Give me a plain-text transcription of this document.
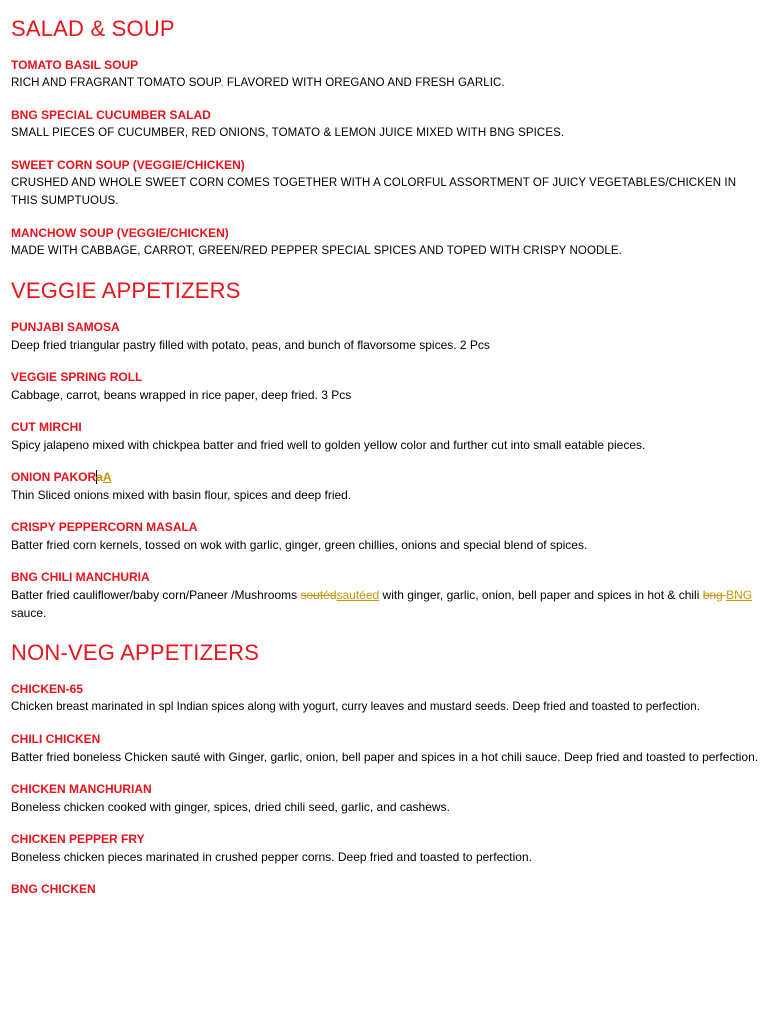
SALAD & SOUP

TOMATO BASIL SOUP

RICH AND FRAGRANT TOMATO SOUP, FLAVORED WITH OREGANO AND FRESH GARLIC.

BNG SPECIAL CUCUMBER SALAD

SMALL PIECES OF CUCUMBER, RED ONIONS, TOMATO & LEMON JUICE MIXED WITH BNG SPICES.

SWEET CORN SOUP (VEGGIE/CHICKEN)

CRUSHED AND WHOLE SWEET CORN COMES TOGETHER WITH A COLORFUL ASSORTMENT OF JUICY VEGETABLES/CHICKEN IN THIS SUMPTUOUS.

MANCHOW SOUP (VEGGIE/CHICKEN)

MADE WITH CABBAGE, CARROT, GREEN/RED PEPPER SPECIAL SPICES AND TOPED WITH CRISPY NOODLE.

VEGGIE APPETIZERS

PUNJABI SAMOSA

Deep fried triangular pastry filled with potato, peas, and bunch of flavorsome spices. 2 Pcs

VEGGIE SPRING ROLL

Cabbage, carrot, beans wrapped in rice paper, deep fried. 3 Pcs

CUT MIRCHI

Spicy jalapeno mixed with chickpea batter and fried well to golden yellow color and further cut into small eatable pieces.

ONION PAKORaA

Thin Sliced onions mixed with basin flour, spices and deep fried.

CRISPY PEPPERCORN MASALA

Batter fried corn kernels, tossed on wok with garlic, ginger, green chillies, onions and special blend of spices.

BNG CHILI MANCHURIA

Batter fried cauliflower/baby corn/Paneer /Mushrooms soutédsautéed with ginger, garlic, onion, bell paper and spices in hot & chili bng BNG sauce.

NON-VEG APPETIZERS

CHICKEN-65

Chicken breast marinated in spl Indian spices along with yogurt, curry leaves and mustard seeds. Deep fried and toasted to perfection.

CHILI CHICKEN

Batter fried boneless Chicken sauté with Ginger, garlic, onion, bell paper and spices in a hot chili sauce. Deep fried and toasted to perfection.

CHICKEN MANCHURIAN

Boneless chicken cooked with ginger, spices, dried chili seed, garlic, and cashews.

CHICKEN PEPPER FRY

Boneless chicken pieces marinated in crushed pepper corns. Deep fried and toasted to perfection.

BNG CHICKEN
